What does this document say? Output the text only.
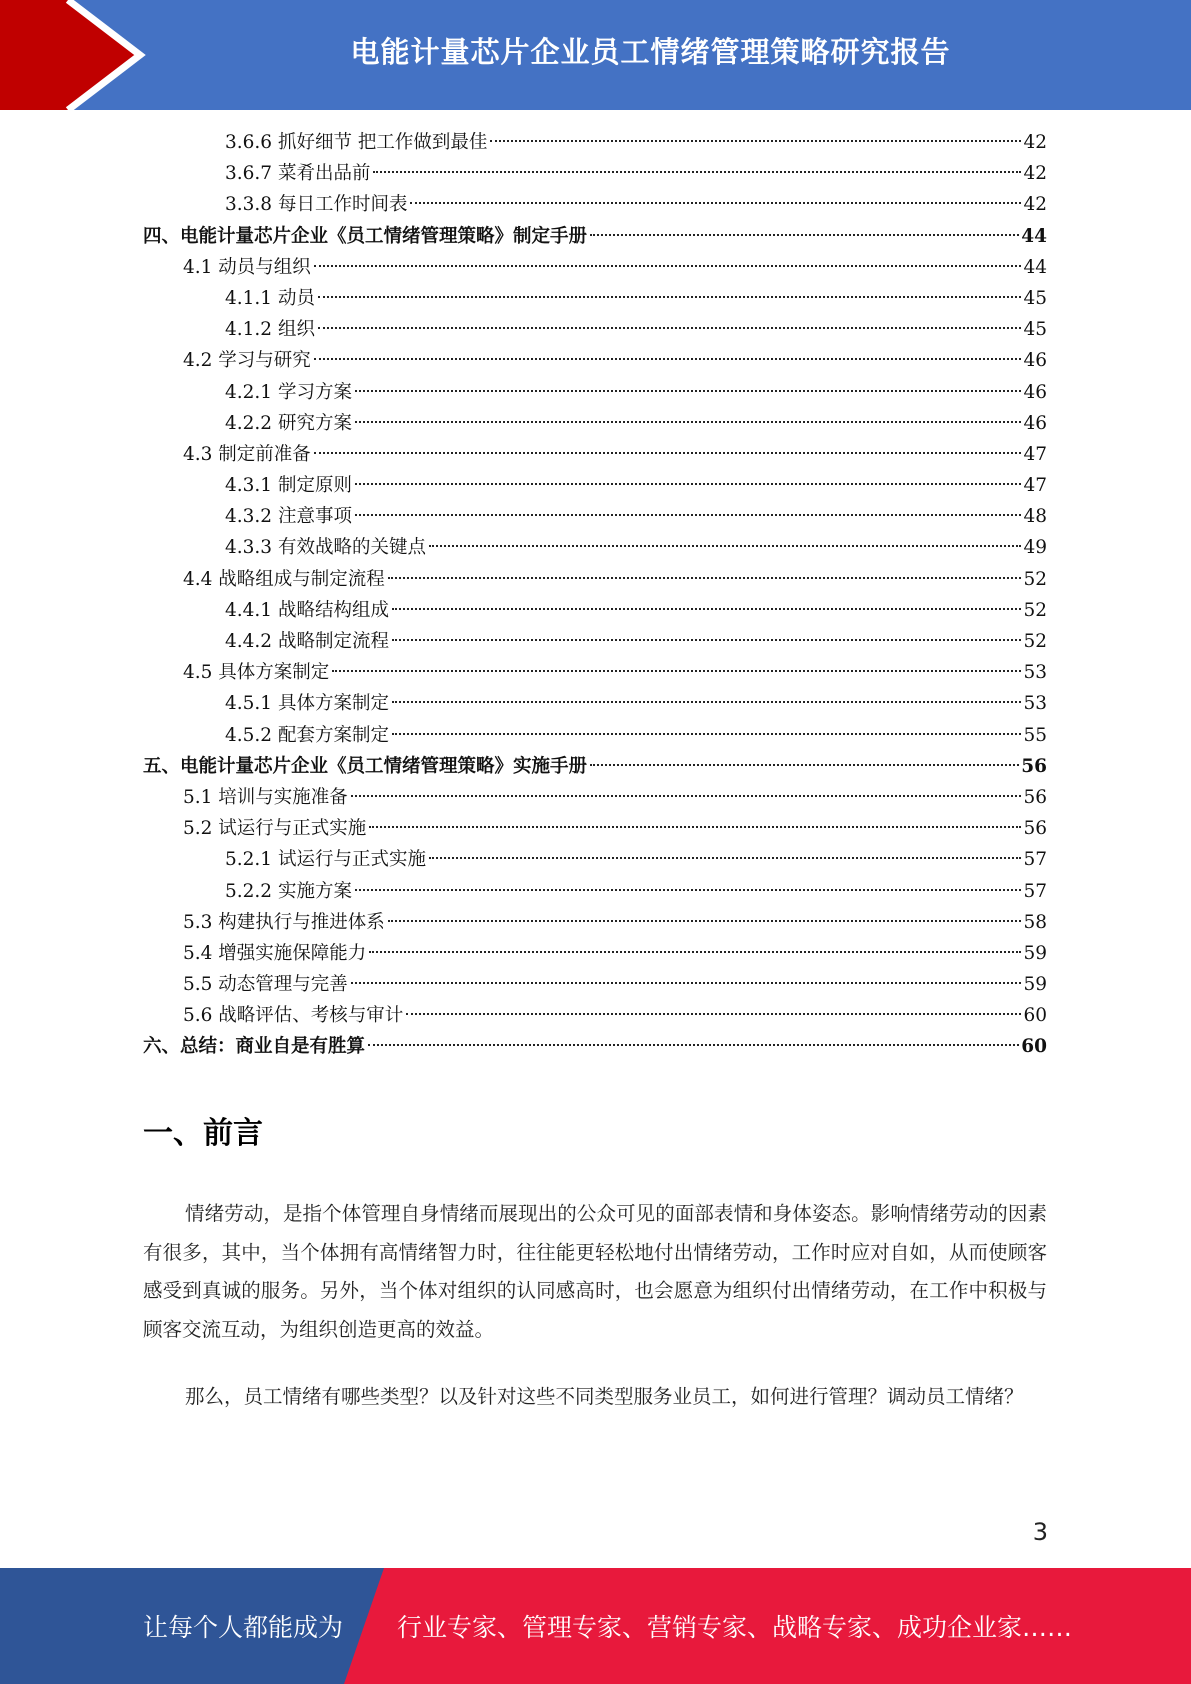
电能计量芯片企业员工情绪管理策略研究报告
3.6.6 抓好细节 把工作做到最佳	42
3.6.7 菜肴出品前	42
3.3.8 每日工作时间表	42
四、电能计量芯片企业《员工情绪管理策略》制定手册	44
4.1 动员与组织	44
4.1.1 动员	45
4.1.2 组织	45
4.2 学习与研究	46
4.2.1 学习方案	46
4.2.2 研究方案	46
4.3 制定前准备	47
4.3.1 制定原则	47
4.3.2 注意事项	48
4.3.3 有效战略的关键点	49
4.4 战略组成与制定流程	52
4.4.1 战略结构组成	52
4.4.2 战略制定流程	52
4.5 具体方案制定	53
4.5.1 具体方案制定	53
4.5.2 配套方案制定	55
五、电能计量芯片企业《员工情绪管理策略》实施手册	56
5.1 培训与实施准备	56
5.2 试运行与正式实施	56
5.2.1 试运行与正式实施	57
5.2.2 实施方案	57
5.3 构建执行与推进体系	58
5.4 增强实施保障能力	59
5.5 动态管理与完善	59
5.6 战略评估、考核与审计	60
六、总结：商业自是有胜算	60
一、前言

情绪劳动，是指个体管理自身情绪而展现出的公众可见的面部表情和身体姿态。影响情绪劳动的因素有很多，其中，当个体拥有高情绪智力时，往往能更轻松地付出情绪劳动，工作时应对自如，从而使顾客感受到真诚的服务。另外，当个体对组织的认同感高时，也会愿意为组织付出情绪劳动，在工作中积极与顾客交流互动，为组织创造更高的效益。

那么，员工情绪有哪些类型？以及针对这些不同类型服务业员工，如何进行管理？调动员工情绪？

3
让每个人都能成为 行业专家、管理专家、营销专家、战略专家、成功企业家……
